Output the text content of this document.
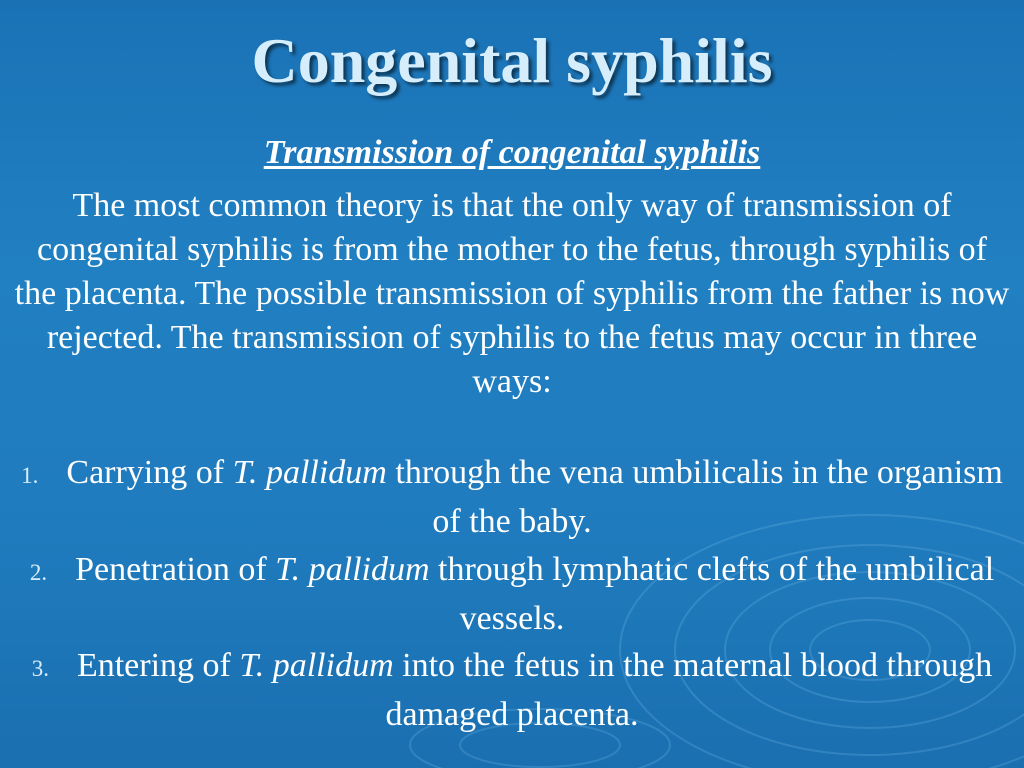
Congenital syphilis
Transmission of congenital syphilis
The most common theory is that the only way of transmission of congenital syphilis is from the mother to the fetus, through syphilis of the placenta. The possible transmission of syphilis from the father is now rejected. The transmission of syphilis to the fetus may occur in three ways:
1. Carrying of T. pallidum through the vena umbilicalis in the organism of the baby.
2. Penetration of T. pallidum through lymphatic clefts of the umbilical vessels.
3. Entering of T. pallidum into the fetus in the maternal blood through damaged placenta.
